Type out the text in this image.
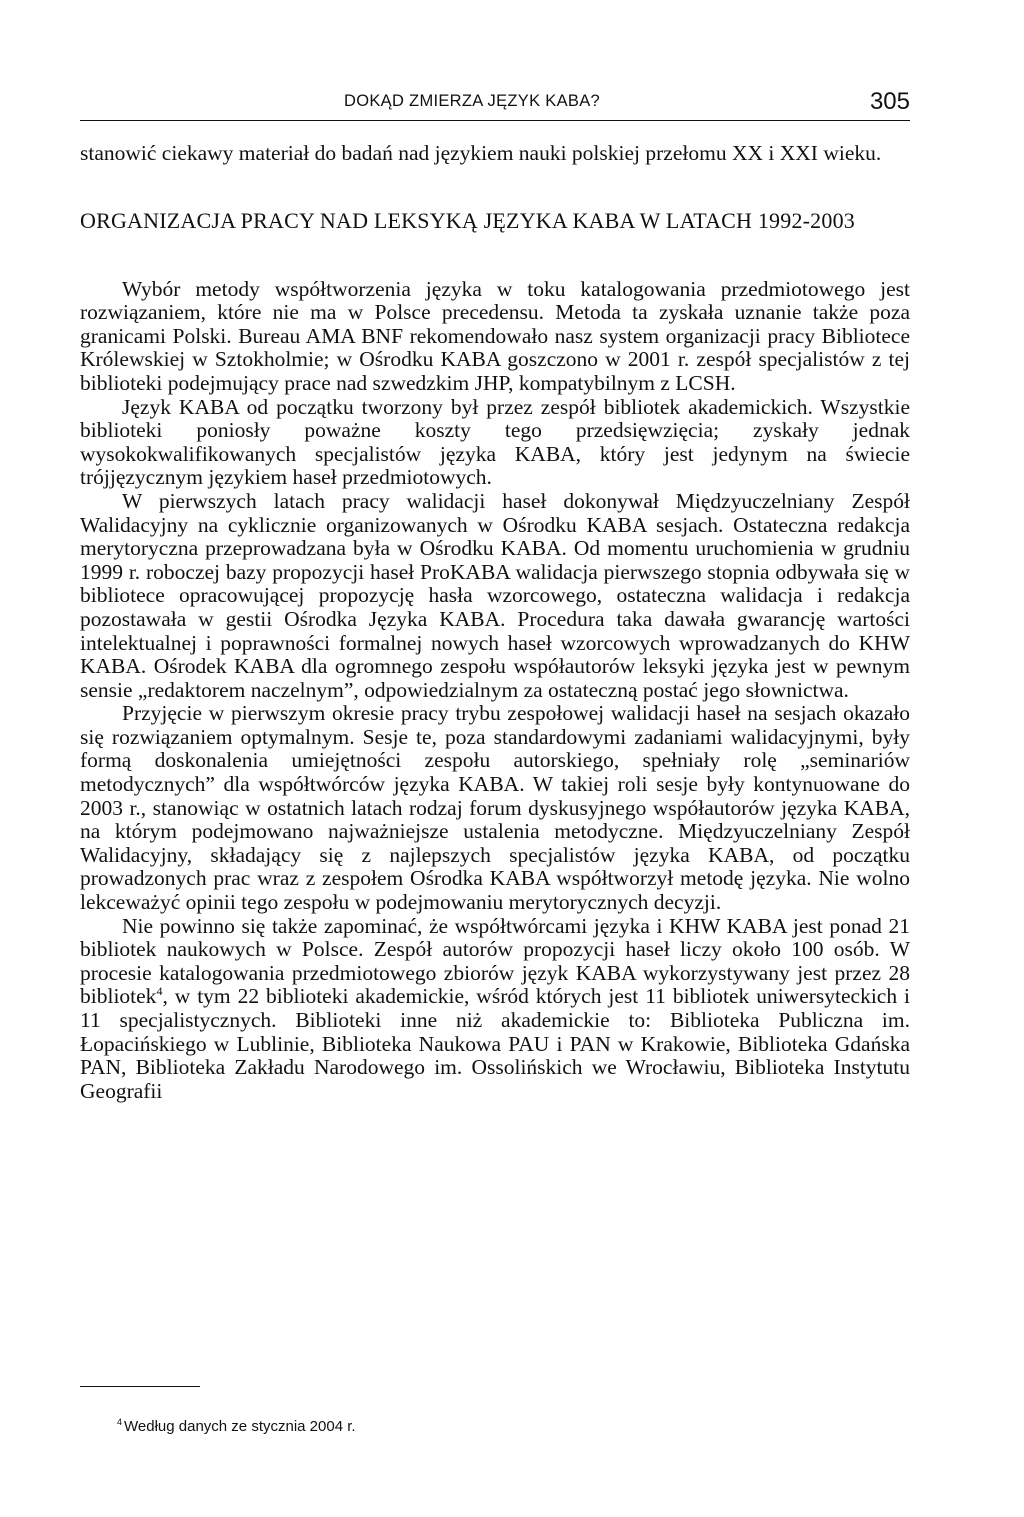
DOKĄD ZMIERZA JĘZYK KABA?	305

stanowić ciekawy materiał do badań nad językiem nauki polskiej przełomu XX i XXI wieku.

ORGANIZACJA PRACY NAD LEKSYKĄ JĘZYKA KABA W LATACH 1992-2003

Wybór metody współtworzenia języka w toku katalogowania przedmiotowego jest rozwiązaniem, które nie ma w Polsce precedensu. Metoda ta zyskała uznanie także poza granicami Polski. Bureau AMA BNF rekomendowało nasz system organizacji pracy Bibliotece Królewskiej w Sztokholmie; w Ośrodku KABA goszczono w 2001 r. zespół specjalistów z tej biblioteki podejmujący prace nad szwedzkim JHP, kompatybilnym z LCSH.

Język KABA od początku tworzony był przez zespół bibliotek akademickich. Wszystkie biblioteki poniosły poważne koszty tego przedsięwzięcia; zyskały jednak wysokokwalifikowanych specjalistów języka KABA, który jest jedynym na świecie trójjęzycznym językiem haseł przedmiotowych.

W pierwszych latach pracy walidacji haseł dokonywał Międzyuczelniany Zespół Walidacyjny na cyklicznie organizowanych w Ośrodku KABA sesjach. Ostateczna redakcja merytoryczna przeprowadzana była w Ośrodku KABA. Od momentu uruchomienia w grudniu 1999 r. roboczej bazy propozycji haseł ProKABA walidacja pierwszego stopnia odbywała się w bibliotece opracowującej propozycję hasła wzorcowego, ostateczna walidacja i redakcja pozostawała w gestii Ośrodka Języka KABA. Procedura taka dawała gwarancję wartości intelektualnej i poprawności formalnej nowych haseł wzorcowych wprowadzanych do KHW KABA. Ośrodek KABA dla ogromnego zespołu współautorów leksyki języka jest w pewnym sensie „redaktorem naczelnym”, odpowiedzialnym za ostateczną postać jego słownictwa.

Przyjęcie w pierwszym okresie pracy trybu zespołowej walidacji haseł na sesjach okazało się rozwiązaniem optymalnym. Sesje te, poza standardowymi zadaniami walidacyjnymi, były formą doskonalenia umiejętności zespołu autorskiego, spełniały rolę „seminariów metodycznych” dla współtwórców języka KABA. W takiej roli sesje były kontynuowane do 2003 r., stanowiąc w ostatnich latach rodzaj forum dyskusyjnego współautorów języka KABA, na którym podejmowano najważniejsze ustalenia metodyczne. Międzyuczelniany Zespół Walidacyjny, składający się z najlepszych specjalistów języka KABA, od początku prowadzonych prac wraz z zespołem Ośrodka KABA współtworzył metodę języka. Nie wolno lekceważyć opinii tego zespołu w podejmowaniu merytorycznych decyzji.

Nie powinno się także zapominać, że współtwórcami języka i KHW KABA jest ponad 21 bibliotek naukowych w Polsce. Zespół autorów propozycji haseł liczy około 100 osób. W procesie katalogowania przedmiotowego zbiorów język KABA wykorzystywany jest przez 28 bibliotek$^4$, w tym 22 biblioteki akademickie, wśród których jest 11 bibliotek uniwersyteckich i 11 specjalistycznych. Biblioteki inne niż akademickie to: Biblioteka Publiczna im. Łopacińskiego w Lublinie, Biblioteka Naukowa PAU i PAN w Krakowie, Biblioteka Gdańska PAN, Biblioteka Zakładu Narodowego im. Ossolińskich we Wrocławiu, Biblioteka Instytutu Geografii

$^4$ Według danych ze stycznia 2004 r.
